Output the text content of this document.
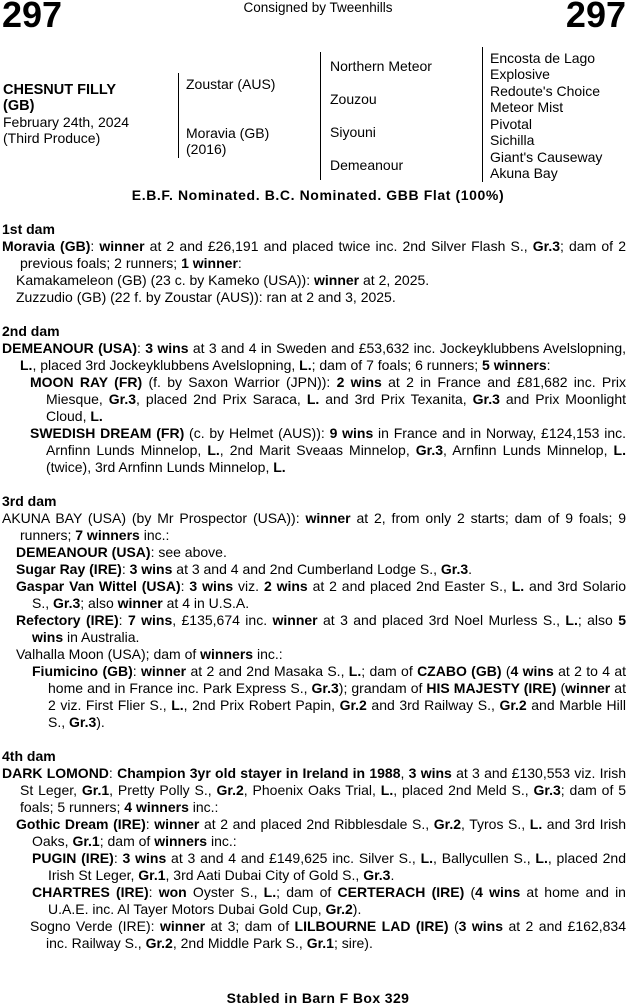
297	Consigned by Tweenhills	297
CHESNUT FILLY
(GB)
February 24th, 2024
(Third Produce)
Zoustar (AUS)
Moravia (GB)
(2016)
Northern Meteor
Zouzou
Siyouni
Demeanour
Encosta de Lago
Explosive
Redoute's Choice
Meteor Mist
Pivotal
Sichilla
Giant's Causeway
Akuna Bay
E.B.F. Nominated. B.C. Nominated. GBB Flat (100%)
1st dam
Moravia (GB): winner at 2 and £26,191 and placed twice inc. 2nd Silver Flash S., Gr.3; dam of 2 previous foals; 2 runners; 1 winner:
Kamakameleon (GB) (23 c. by Kameko (USA)): winner at 2, 2025.
Zuzzudio (GB) (22 f. by Zoustar (AUS)): ran at 2 and 3, 2025.
2nd dam
DEMEANOUR (USA): 3 wins at 3 and 4 in Sweden and £53,632 inc. Jockeyklubbens Avelslopning, L., placed 3rd Jockeyklubbens Avelslopning, L.; dam of 7 foals; 6 runners; 5 winners:
MOON RAY (FR) (f. by Saxon Warrior (JPN)): 2 wins at 2 in France and £81,682 inc. Prix Miesque, Gr.3, placed 2nd Prix Saraca, L. and 3rd Prix Texanita, Gr.3 and Prix Moonlight Cloud, L.
SWEDISH DREAM (FR) (c. by Helmet (AUS)): 9 wins in France and in Norway, £124,153 inc. Arnfinn Lunds Minnelop, L., 2nd Marit Sveaas Minnelop, Gr.3, Arnfinn Lunds Minnelop, L. (twice), 3rd Arnfinn Lunds Minnelop, L.
3rd dam
AKUNA BAY (USA) (by Mr Prospector (USA)): winner at 2, from only 2 starts; dam of 9 foals; 9 runners; 7 winners inc.:
DEMEANOUR (USA): see above.
Sugar Ray (IRE): 3 wins at 3 and 4 and 2nd Cumberland Lodge S., Gr.3.
Gaspar Van Wittel (USA): 3 wins viz. 2 wins at 2 and placed 2nd Easter S., L. and 3rd Solario S., Gr.3; also winner at 4 in U.S.A.
Refectory (IRE): 7 wins, £135,674 inc. winner at 3 and placed 3rd Noel Murless S., L.; also 5 wins in Australia.
Valhalla Moon (USA); dam of winners inc.:
Fiumicino (GB): winner at 2 and 2nd Masaka S., L.; dam of CZABO (GB) (4 wins at 2 to 4 at home and in France inc. Park Express S., Gr.3); grandam of HIS MAJESTY (IRE) (winner at 2 viz. First Flier S., L., 2nd Prix Robert Papin, Gr.2 and 3rd Railway S., Gr.2 and Marble Hill S., Gr.3).
4th dam
DARK LOMOND: Champion 3yr old stayer in Ireland in 1988, 3 wins at 3 and £130,553 viz. Irish St Leger, Gr.1, Pretty Polly S., Gr.2, Phoenix Oaks Trial, L., placed 2nd Meld S., Gr.3; dam of 5 foals; 5 runners; 4 winners inc.:
Gothic Dream (IRE): winner at 2 and placed 2nd Ribblesdale S., Gr.2, Tyros S., L. and 3rd Irish Oaks, Gr.1; dam of winners inc.:
PUGIN (IRE): 3 wins at 3 and 4 and £149,625 inc. Silver S., L., Ballycullen S., L., placed 2nd Irish St Leger, Gr.1, 3rd Aati Dubai City of Gold S., Gr.3.
CHARTRES (IRE): won Oyster S., L.; dam of CERTERACH (IRE) (4 wins at home and in U.A.E. inc. Al Tayer Motors Dubai Gold Cup, Gr.2).
Sogno Verde (IRE): winner at 3; dam of LILBOURNE LAD (IRE) (3 wins at 2 and £162,834 inc. Railway S., Gr.2, 2nd Middle Park S., Gr.1; sire).
Stabled in Barn F Box 329
